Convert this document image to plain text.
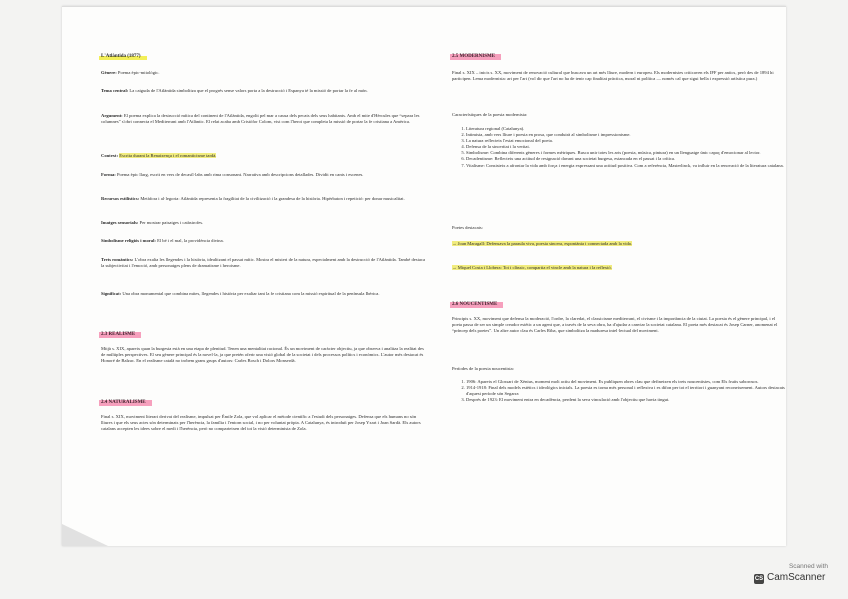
L'Atlàntida (1877)

Gènere: Poema èpic-mitològic.

Tema central: La caiguda de l'Atlàntida simbolitza que el progrés sense valors porta a la destrucció i Espanya té la missió de portar la fe al món.

Argument: El poema explica la destrucció mítica del continent de l'Atlàntida, engolit pel mar a causa dels pecats dels seus habitants. Amb el mite d'Hèrcules que “separa les columnes” s'obri connecta el Mediterrani amb l'Atlàntic. El relat acaba amb Cristòfor Colom, vist com l'heroi que completa la missió de portar la fe cristiana a Amèrica.

Context: Escrita durant la Renaixença i el romanticisme tardà.

Forma: Poema èpic llarg, escrit en vers de decasíl·labs amb rima consonant. Narrativa amb descripcions detallades. Dividit en cants i escenes.

Recursos estilístics: Metàfora i al·legoria: Atlàntida representa la fragilitat de la civilització i la grandesa de la història. Hipèrbaton i repetició: per donar musicalitat.

Imatges sensorials: Per mostrar paisatges i catàstrofes.

Simbolisme religiós i moral: El bé i el mal, la providència divina.

Trets romàntics: L'obra exalta les llegendes i la història, idealitzant el passat mític. Mostra el misteri de la natura, especialment amb la destrucció de l'Atlàntida. També destaca la subjectivitat i l'emoció, amb personatges plens de dramatisme i heroisme.

Significat: Una obra monumental que combina mites, llegendes i història per exaltar tant la fe cristiana com la missió espiritual de la península Ibèrica.

2.3 REALISME

Mitjà s. XIX, apareix quan la burgesia està en una etapa de plenitud. Tenen una mentalitat racional. És un moviment de caràcter objectiu, ja que observa i analitza la realitat des de múltiples perspectives. El seu gènere principal és la novel·la, ja que pretén oferir una visió global de la societat i dels processos polítics i econòmics. L'autor més destacat és Honoré de Balzac. En el realisme català no trobem grans grups d'autors: Carles Bosch i Dolors Monserdà.

2.4 NATURALISME

Final s. XIX, moviment literari derivat del realisme, impulsat per Émile Zola, que vol aplicar el mètode científic a l'estudi dels personatges. Defensa que els humans no són lliures i que els seus actes són determinats per l'herència, la família i l'entorn social, i no per voluntat pròpia. A Catalunya, és introduït per Josep Yxart i Joan Sardà. Els autors catalans accepten les idees sobre el medi i l'herència, però no comparteixen del tot la visió determinista de Zola.

2.5 MODERNISME

Final s. XIX – inicis s. XX, moviment de renovació cultural que buscava un art més lliure, modern i europeu. Els modernistes criticaven els IFF per antics, però des de 1894 hi participen. Lema modernista: art per l'art (vol dir que l'art no ha de tenir cap finalitat pràctica, moral ni política — només cal que sigui bella i expressió artística pura.)

Característiques de la poesia modernista:

1. Literatura regional (Catalunya).
2. Intimista, amb vers lliure i poesia en prosa, que conduirà al simbolisme i impressionisme.
3. La natura reflecteix l'estat emocional del poeta.
4. Defensa de la sinceritat i la veritat.
5. Simbolisme: Combina diferents gèneres i formes mètriques. Busca unir totes les arts (poesia, música, pintura) en un llenguatge únic capaç d'emocionar al lector.
6. Decadentisme: Reflecteix una actitud de resignació davant una societat burgesa, estancada en el passat i la crítica.
7. Vitalisme: Consisteix a afrontar la vida amb força i energia expressant una actitud positiva. Com a referència, Masterlinck, va influir en la renovació de la literatura catalana.

Poetes destacats:

→ Joan Maragall: Defensava la paraula viva, poesia sincera, espontània i connectada amb la vida.

→ Miquel Costa i Llobera: Tot i clàssic, compartia el vincle amb la natura i la reflexió.

2.6 NOUCENTISME

Principis s. XX, moviment que defensa la moderació, l'ordre, la claredat, el classicisme mediterrani, el civisme i la importància de la ciutat. La poesia és el gènere principal, i el poeta passa de ser un simple creador estètic a un agent que, a través de la seva obra, ha d'ajudar a canviar la societat catalana. El poeta més destacat és Josep Carner, anomenat el “príncep dels poetes”. Un altre autor clau és Carles Riba, que simbolitza la maduresa intel·lectual del moviment.

Períodes de la poesia noucentista:

1. 1906: Apareix el Glossari de Xènius, moment molt actiu del moviment. Es publiquen obres clau que defineixen els trets noucentistes, com Els fruits saborosos.
2. 1914-1918: Final dels models estètics i ideològics inicials. La poesia es torna més personal i reflexiva i es difon per tot el territori i guanyant reconeixement. Autors destacats d'aquest període són Segarra
3. Després de 1923: El moviment entra en decadència, perdent la seva vinculació amb l'objectiu que havia tingut.
Scanned with
CS CamScanner
